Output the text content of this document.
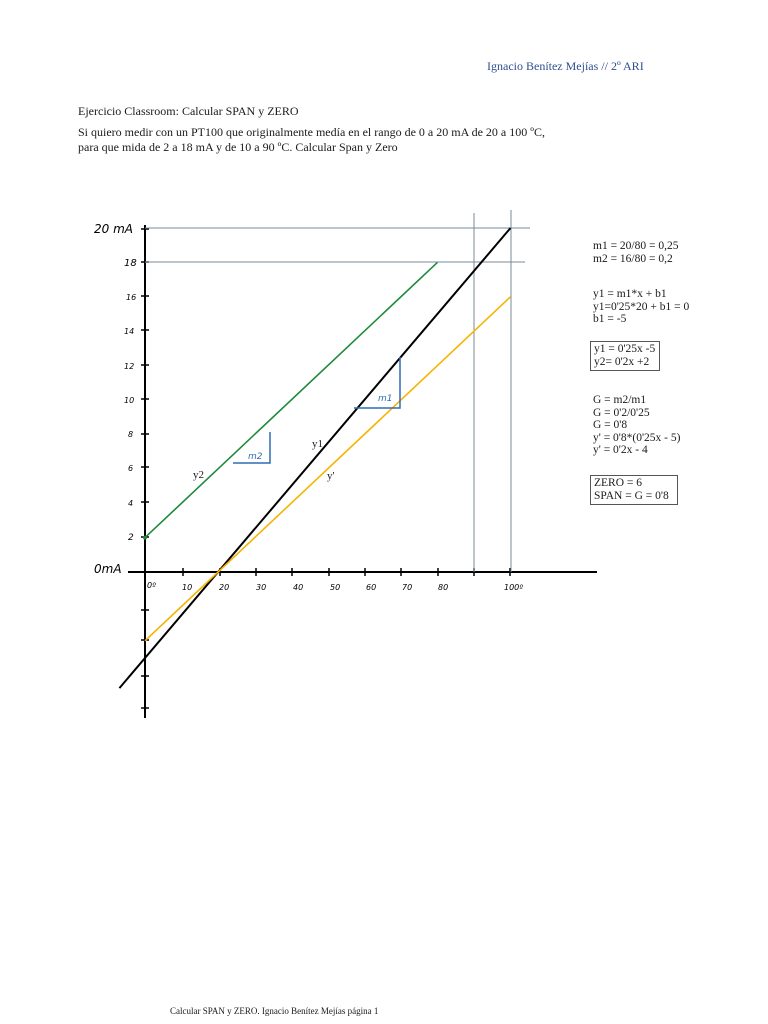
Ignacio Benítez Mejías // 2º ARI
Ejercicio Classroom: Calcular SPAN y ZERO
Si quiero medir con un PT100 que originalmente medía en el rango de 0 a 20 mA de 20 a 100 ºC,
para que mida de 2 a 18 mA y de 10 a 90 ºC. Calcular Span y Zero
m2
m1
y2
y1
y'
20 mA
18
16
14
12
10
8
6
4
2
0mA
0º	10	20	30	40	50	60	70	80	100º
m1 = 20/80 = 0,25
m2 = 16/80 = 0,2
y1 = m1*x + b1
y1=0'25*20 + b1 = 0
b1 = -5
y1 = 0'25x -5
y2= 0'2x +2
G = m2/m1
G = 0'2/0'25
G = 0'8
y' = 0'8*(0'25x - 5)
y' = 0'2x - 4
ZERO = 6
SPAN = G = 0'8
Calcular SPAN y ZERO. Ignacio Benítez Mejías página 1
